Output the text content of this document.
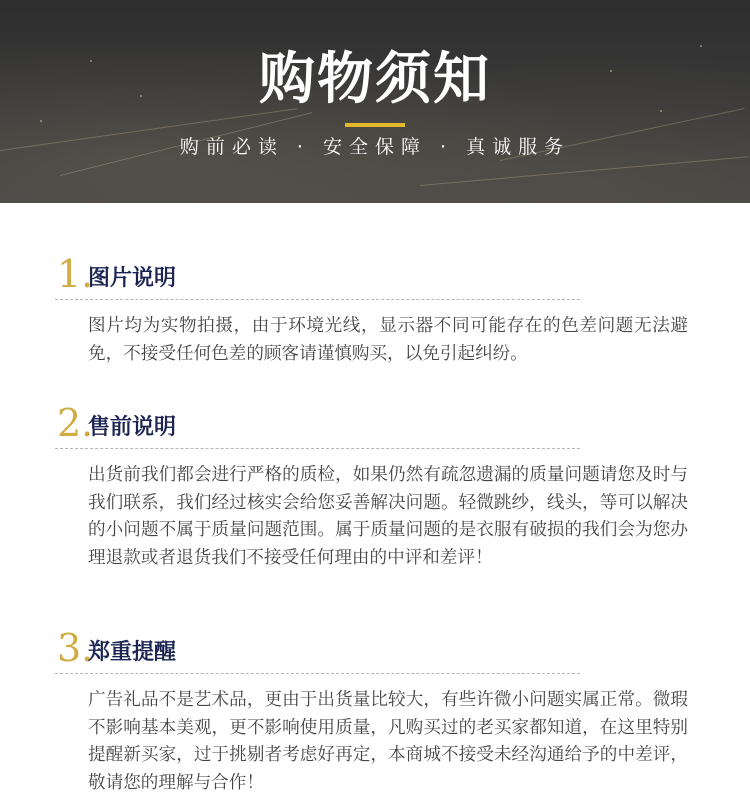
购物须知
购前必读 · 安全保障 · 真诚服务
1.
图片说明
图片均为实物拍摄，由于环境光线，显示器不同可能存在的色差问题无法避免，不接受任何色差的顾客请谨慎购买，以免引起纠纷。
2.
售前说明
出货前我们都会进行严格的质检，如果仍然有疏忽遗漏的质量问题请您及时与我们联系，我们经过核实会给您妥善解决问题。轻微跳纱，线头，等可以解决的小问题不属于质量问题范围。属于质量问题的是衣服有破损的我们会为您办理退款或者退货我们不接受任何理由的中评和差评！
3.
郑重提醒
广告礼品不是艺术品，更由于出货量比较大，有些许微小问题实属正常。微瑕不影响基本美观，更不影响使用质量，凡购买过的老买家都知道，在这里特别提醒新买家，过于挑剔者考虑好再定，本商城不接受未经沟通给予的中差评，敬请您的理解与合作！
